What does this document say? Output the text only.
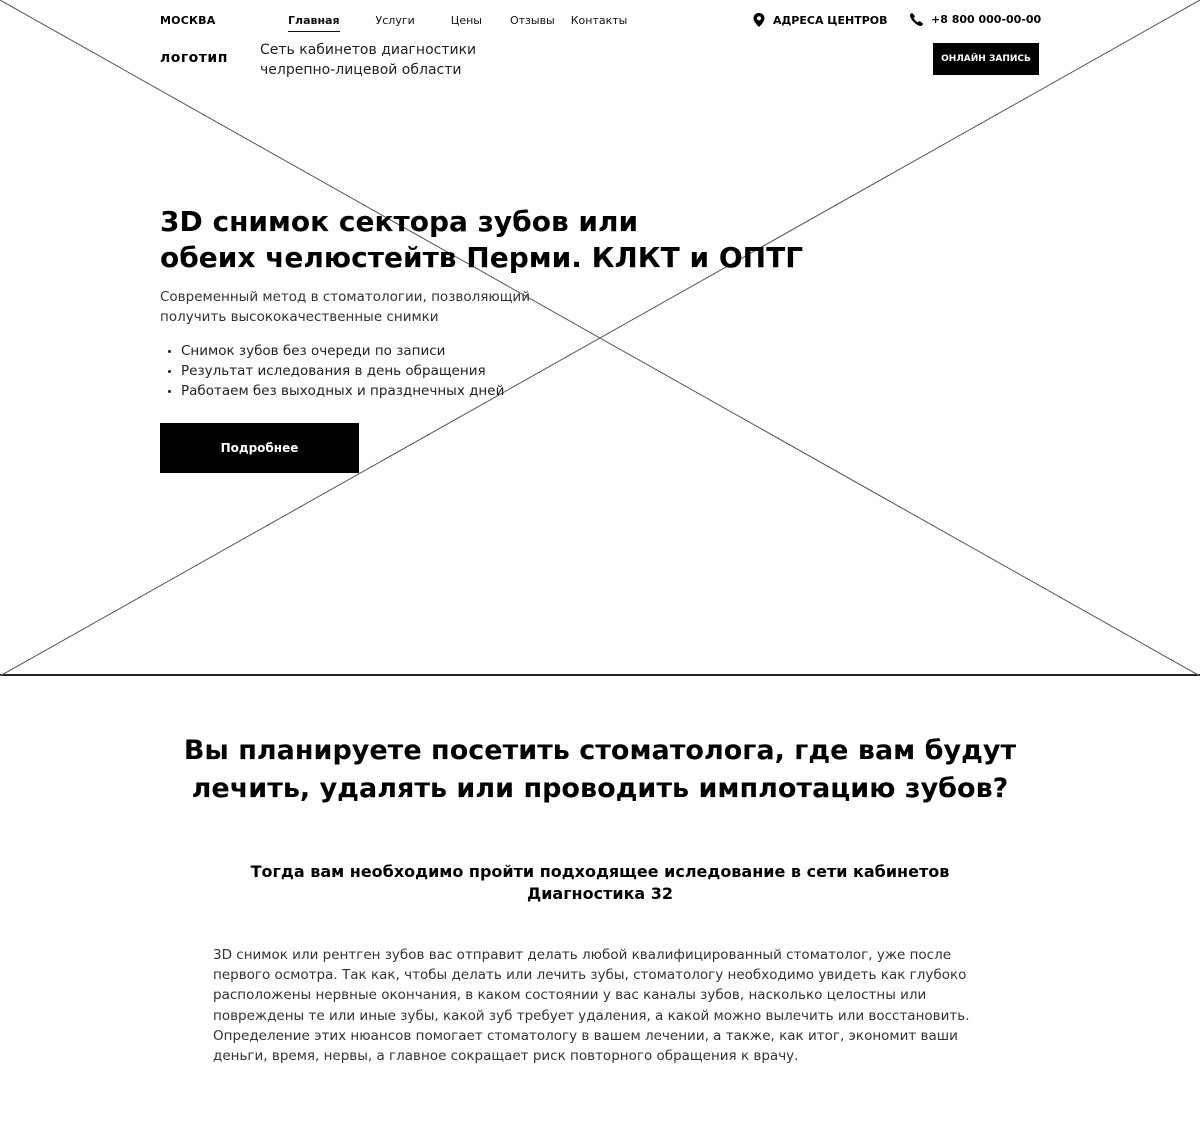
МОСКВА	Главная	Услуги	Цены	Отзывы Контакты	АДРЕСА ЦЕНТРОВ	+8 800 000-00-00
логотип Сеть кабинетов диагностики челрепно-лицевой области
ОНЛАЙН ЗАПИСЬ
3D снимок сектора зубов или
обеих челюстейтв Перми. КЛКТ и ОПТГ

Современный метод в стоматологии, позволяющий получить высококачественные снимки

Снимок зубов без очереди по записи
Результат иследования в день обращения
Работаем без выходных и празднечных дней
Подробнее
Вы планируете посетить стоматолога, где вам будут лечить, удалять или проводить имплотацию зубов?
Тогда вам необходимо пройти подходящее иследование в сети кабинетов Диагностика 32

3D снимок или рентген зубов вас отправит делать любой квалифицированный стоматолог, уже после первого осмотра. Так как, чтобы делать или лечить зубы, стоматологу необходимо увидеть как глубоко расположены нервные окончания, в каком состоянии у вас каналы зубов, насколько целостны или повреждены те или иные зубы, какой зуб требует удаления, а какой можно вылечить или восстановить. Определение этих нюансов помогает стоматологу в вашем лечении, а также, как итог, экономит ваши деньги, время, нервы, а главное сокращает риск повторного обращения к врачу.
